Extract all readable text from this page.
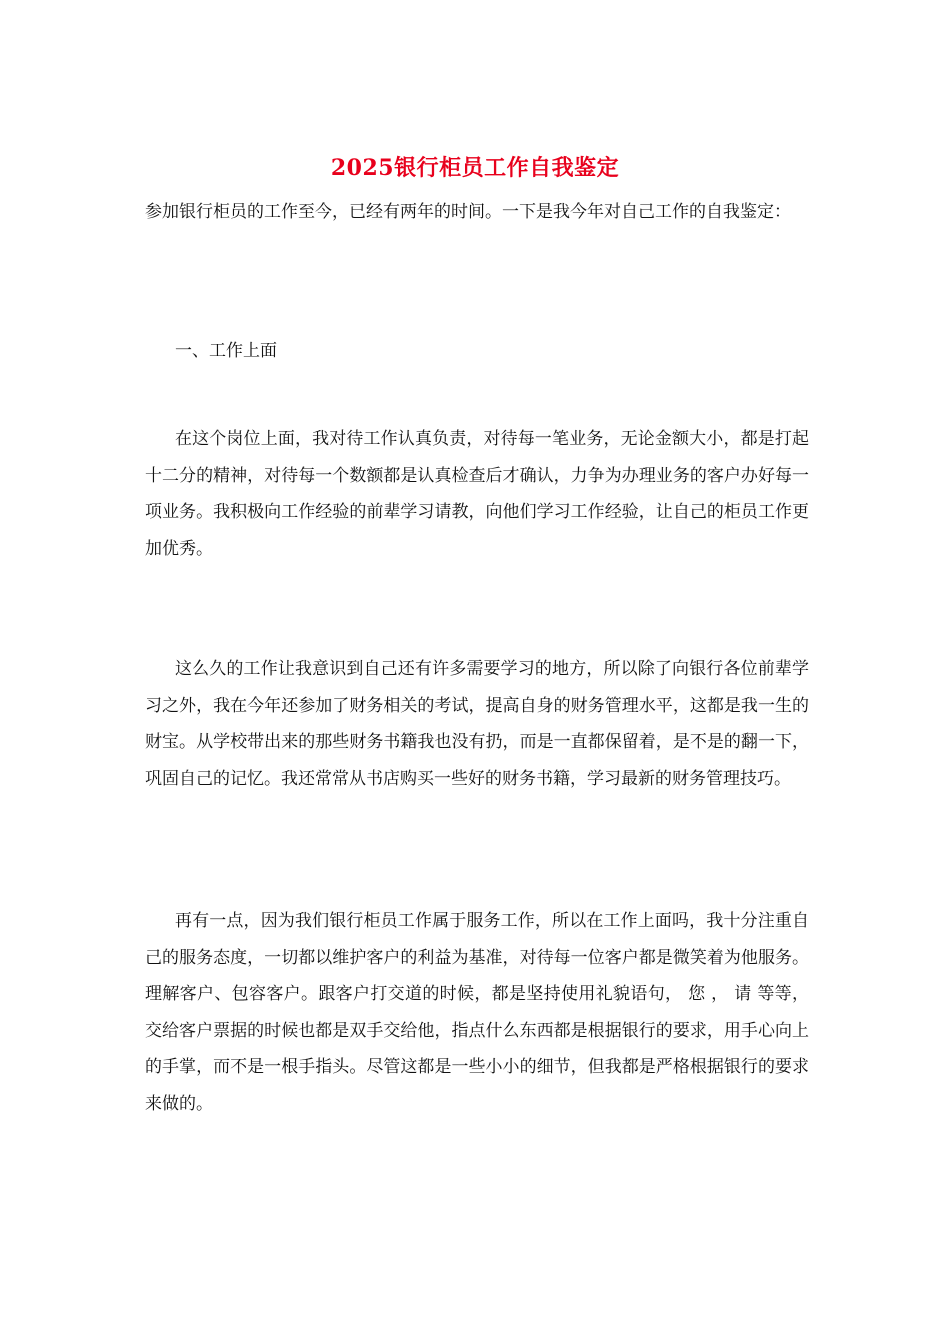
2025银行柜员工作自我鉴定

参加银行柜员的工作至今，已经有两年的时间。一下是我今年对自己工作的自我鉴定：

一、工作上面

在这个岗位上面，我对待工作认真负责，对待每一笔业务，无论金额大小，都是打起十二分的精神，对待每一个数额都是认真检查后才确认，力争为办理业务的客户办好每一项业务。我积极向工作经验的前辈学习请教，向他们学习工作经验，让自己的柜员工作更加优秀。

这么久的工作让我意识到自己还有许多需要学习的地方，所以除了向银行各位前辈学习之外，我在今年还参加了财务相关的考试，提高自身的财务管理水平，这都是我一生的财宝。从学校带出来的那些财务书籍我也没有扔，而是一直都保留着，是不是的翻一下，巩固自己的记忆。我还常常从书店购买一些好的财务书籍，学习最新的财务管理技巧。

再有一点，因为我们银行柜员工作属于服务工作，所以在工作上面吗，我十分注重自己的服务态度，一切都以维护客户的利益为基准，对待每一位客户都是微笑着为他服务。理解客户、包容客户。跟客户打交道的时候，都是坚持使用礼貌语句， 您 ， 请 等等，交给客户票据的时候也都是双手交给他，指点什么东西都是根据银行的要求，用手心向上的手掌，而不是一根手指头。尽管这都是一些小小的细节，但我都是严格根据银行的要求来做的。
